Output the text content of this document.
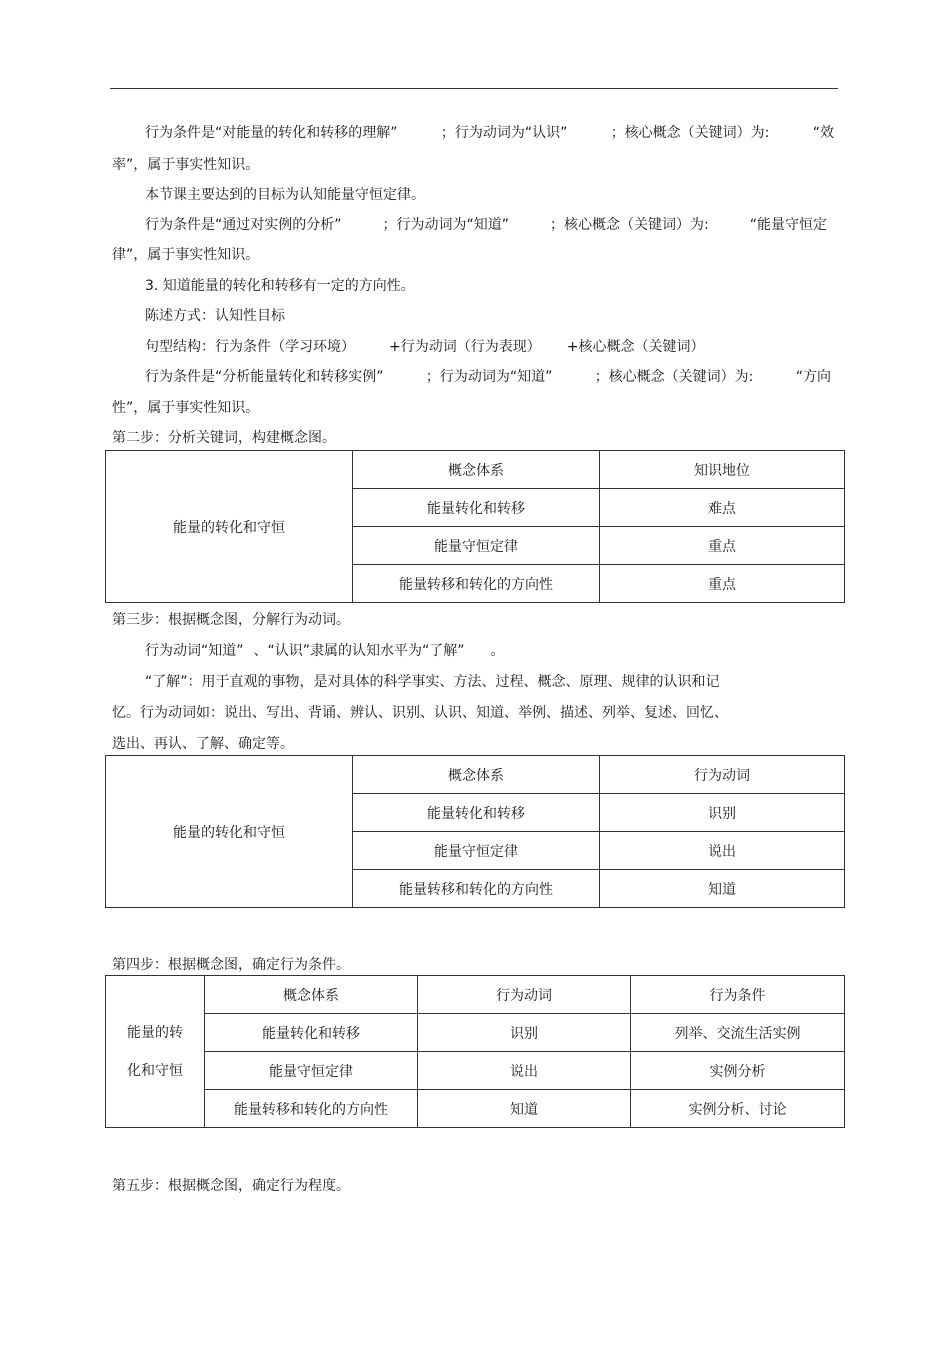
行为条件是“对能量的转化和转移的理解”	；行为动词为“认识”	；核心概念（关键词）为:	“效
率”，属于事实性知识。
本节课主要达到的目标为认知能量守恒定律。
行为条件是“通过对实例的分析”	；行为动词为“知道”	；核心概念（关键词）为:	“能量守恒定
律”，属于事实性知识。
3. 知道能量的转化和转移有一定的方向性。
陈述方式：认知性目标
句型结构：行为条件（学习环境） +行为动词（行为表现） +核心概念（关键词）
行为条件是“分析能量转化和转移实例”	；行为动词为“知道”	；核心概念（关键词）为:	“方向
性”，属于事实性知识。
第二步：分析关键词，构建概念图。
能量的转化和守恒	概念体系	知识地位
	能量转化和转移	难点
	能量守恒定律	重点
	能量转移和转化的方向性	重点
第三步：根据概念图，分解行为动词。
行为动词“知道” 、“认识”隶属的认知水平为“了解” 。
“了解”：用于直观的事物，是对具体的科学事实、方法、过程、概念、原理、规律的认识和记
忆。行为动词如：说出、写出、背诵、辨认、识别、认识、知道、举例、描述、列举、复述、回忆、
选出、再认、了解、确定等。
能量的转化和守恒	概念体系	行为动词
	能量转化和转移	识别
	能量守恒定律	说出
	能量转移和转化的方向性	知道
第四步：根据概念图，确定行为条件。
能量的转
化和守恒	概念体系	行为动词	行为条件
	能量转化和转移	识别	列举、交流生活实例
	能量守恒定律	说出	实例分析
	能量转移和转化的方向性	知道	实例分析、讨论
第五步：根据概念图，确定行为程度。
